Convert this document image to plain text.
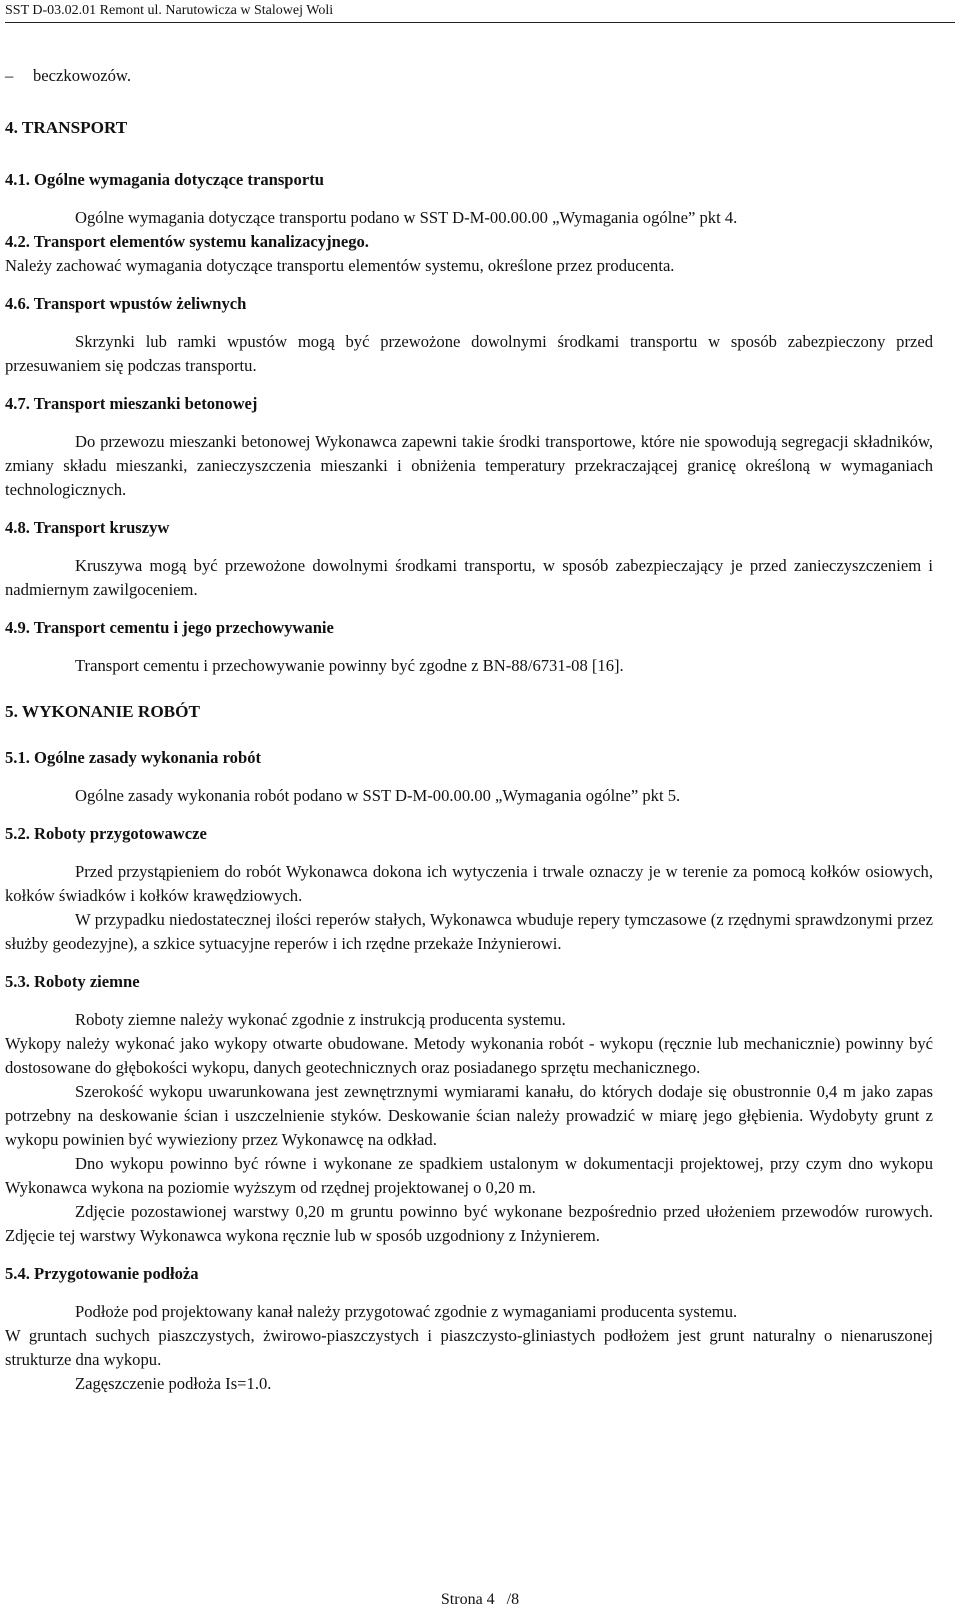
SST D-03.02.01 Remont ul. Narutowicza w Stalowej Woli
–	beczkowozów.

4. TRANSPORT

4.1. Ogólne wymagania dotyczące transportu

Ogólne wymagania dotyczące transportu podano w SST D-M-00.00.00 „Wymagania ogólne” pkt 4.

4.2. Transport elementów systemu kanalizacyjnego.

Należy zachować wymagania dotyczące transportu elementów systemu, określone przez producenta.

4.6. Transport wpustów żeliwnych

Skrzynki lub ramki wpustów mogą być przewożone dowolnymi środkami transportu w sposób zabezpieczony przed przesuwaniem się podczas transportu.

4.7. Transport mieszanki betonowej

Do przewozu mieszanki betonowej Wykonawca zapewni takie środki transportowe, które nie spowodują segregacji składników, zmiany składu mieszanki, zanieczyszczenia mieszanki i obniżenia temperatury przekraczającej granicę określoną w wymaganiach technologicznych.

4.8. Transport kruszyw

Kruszywa mogą być przewożone dowolnymi środkami transportu, w sposób zabezpieczający je przed zanieczyszczeniem i nadmiernym zawilgoceniem.

4.9. Transport cementu i jego przechowywanie

Transport cementu i przechowywanie powinny być zgodne z BN-88/6731-08 [16].

5. WYKONANIE ROBÓT

5.1. Ogólne zasady wykonania robót

Ogólne zasady wykonania robót podano w SST D-M-00.00.00 „Wymagania ogólne” pkt 5.

5.2. Roboty przygotowawcze

Przed przystąpieniem do robót Wykonawca dokona ich wytyczenia i trwale oznaczy je w terenie za pomocą kołków osiowych, kołków świadków i kołków krawędziowych.

W przypadku niedostatecznej ilości reperów stałych, Wykonawca wbuduje repery tymczasowe (z rzędnymi sprawdzonymi przez służby geodezyjne), a szkice sytuacyjne reperów i ich rzędne przekaże Inżynierowi.

5.3. Roboty ziemne

Roboty ziemne należy wykonać zgodnie z instrukcją producenta systemu.

Wykopy należy wykonać jako wykopy otwarte obudowane. Metody wykonania robót - wykopu (ręcznie lub mechanicznie) powinny być dostosowane do głębokości wykopu, danych geotechnicznych oraz posiadanego sprzętu mechanicznego.

Szerokość wykopu uwarunkowana jest zewnętrznymi wymiarami kanału, do których dodaje się obustronnie 0,4 m jako zapas potrzebny na deskowanie ścian i uszczelnienie styków. Deskowanie ścian należy prowadzić w miarę jego głębienia. Wydobyty grunt z wykopu powinien być wywieziony przez Wykonawcę na odkład.

Dno wykopu powinno być równe i wykonane ze spadkiem ustalonym w dokumentacji projektowej, przy czym dno wykopu Wykonawca wykona na poziomie wyższym od rzędnej projektowanej o 0,20 m.

Zdjęcie pozostawionej warstwy 0,20 m gruntu powinno być wykonane bezpośrednio przed ułożeniem przewodów rurowych. Zdjęcie tej warstwy Wykonawca wykona ręcznie lub w sposób uzgodniony z Inżynierem.

5.4. Przygotowanie podłoża

Podłoże pod projektowany kanał należy przygotować zgodnie z wymaganiami producenta systemu.

W gruntach suchych piaszczystych, żwirowo-piaszczystych i piaszczysto-gliniastych podłożem jest grunt naturalny o nienaruszonej strukturze dna wykopu.

Zagęszczenie podłoża Is=1.0.

Strona 4   /8
